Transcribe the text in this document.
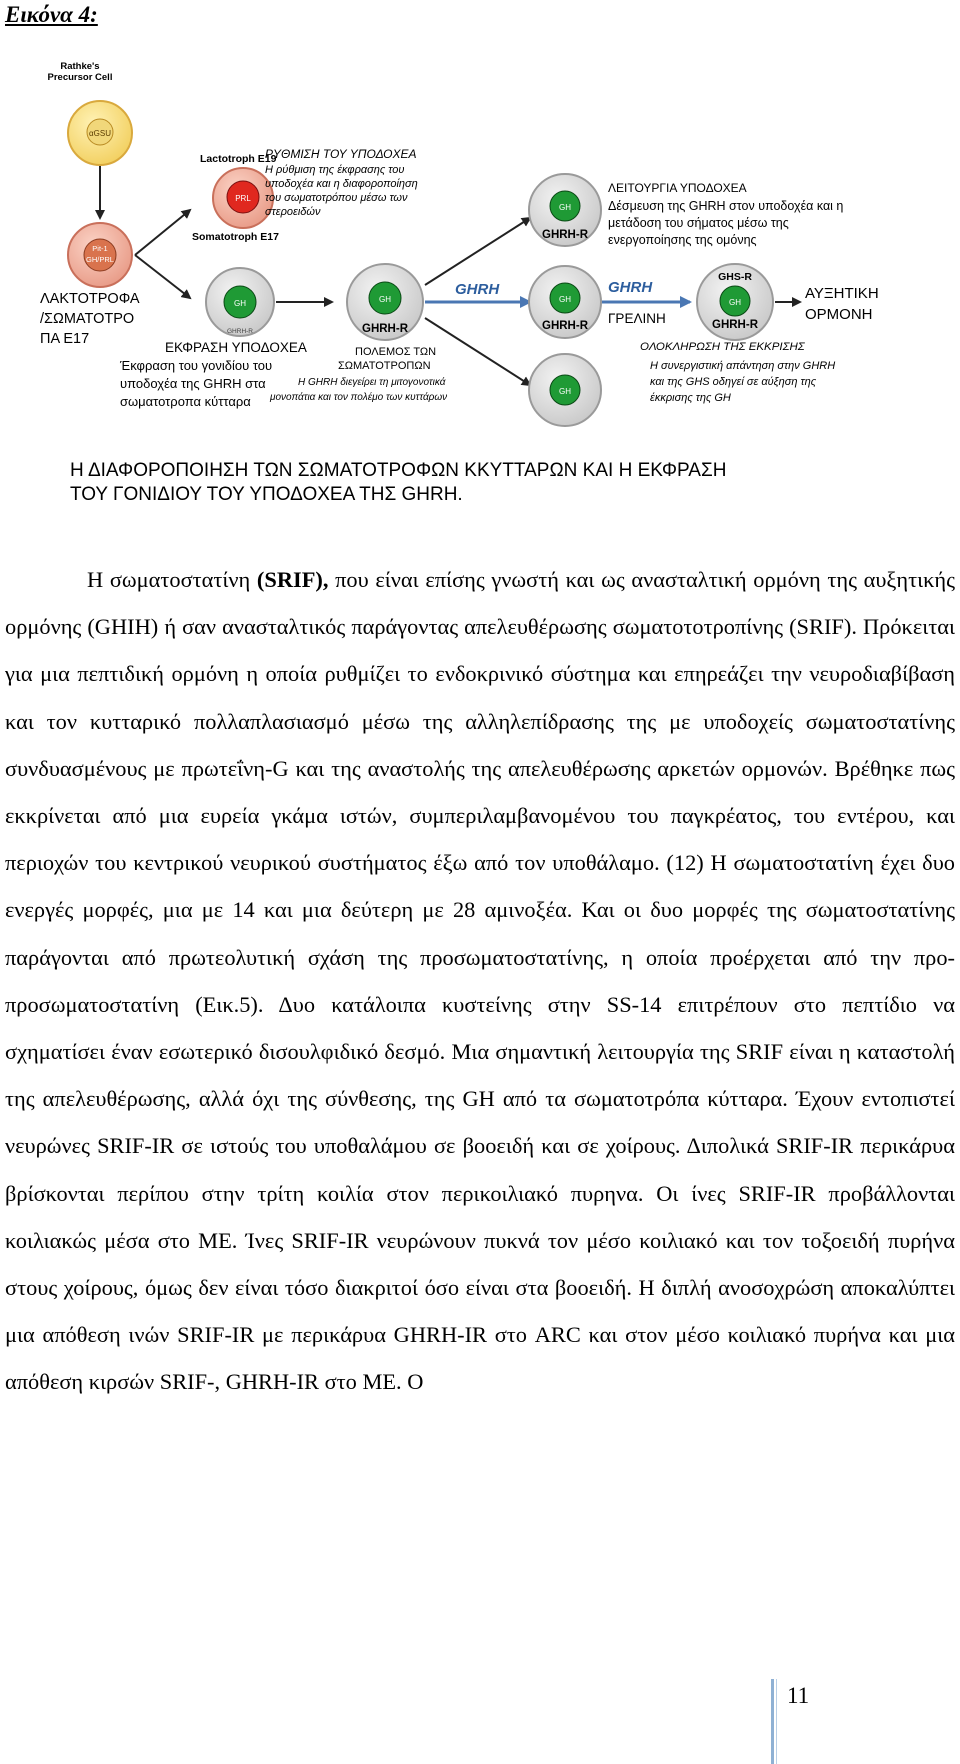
Εικόνα 4:
Rathke's
Precursor Cell
αGSU
Pit-1
GH/PRL
ΛΑΚΤΟΤΡΟΦΑ
/ΣΩΜΑΤΟΤΡΟ
ΠΑ E17
Lactotroph E19
PRL
Somatotroph E17
GH
GHRH-R
ΡΥΘΜΙΣΗ ΤΟΥ ΥΠΟΔΟΧΕΑ
Η ρύθμιση της έκφρασης του
υποδοχέα και η διαφοροποίηση
του σωματοτρόπου μέσω των
στεροειδών
GH
GHRH-R
GHRH
GH
GHRH-R
GH
GHRH-R
GH
ΛΕΙΤΟΥΡΓΙΑ ΥΠΟΔΟΧΕΑ
Δέσμευση της GHRH στον υποδοχέα και η
μετάδοση του σήματος μέσω της
ενεργοποίησης της ομόνης
GHRH
ΓΡΕΛΙΝΗ
GHS-R
GH
GHRH-R
ΑΥΞΗΤΙΚΗ
ΟΡΜΟΝΗ
ΟΛΟΚΛΗΡΩΣΗ ΤΗΣ ΕΚΚΡΙΣΗΣ
Η συνεργιστική απάντηση στην GHRH
και της GHS οδηγεί σε αύξηση της
έκκρισης της GH
ΕΚΦΡΑΣΗ ΥΠΟΔΟΧΕΑ
Έκφραση του γονιδίου του
υποδοχέα της GHRH στα
σωματοτροπα κύτταρα
ΠΟΛΕΜΟΣ ΤΩΝ
ΣΩΜΑΤΟΤΡΟΠΩΝ
Η GHRH διεγείρει τη μιτογονοτικά
μονοπάτια και τον πολέμο των κυττάρων
Η ΔΙΑΦΟΡΟΠΟΙΗΣΗ ΤΩΝ ΣΩΜΑΤΟΤΡΟΦΩΝ ΚΚΥΤΤΑΡΩΝ ΚΑΙ Η ΕΚΦΡΑΣΗ
ΤΟΥ ΓΟΝΙΔΙΟΥ ΤΟΥ ΥΠΟΔΟΧΕΑ ΤΗΣ GHRH.

Η σωματοστατίνη (SRIF), που είναι επίσης γνωστή και ως ανασταλτική ορμόνη της αυξητικής ορμόνης (GHIH) ή σαν ανασταλτικός παράγοντας απελευθέρωσης σωματοτοτροπίνης (SRIF). Πρόκειται για μια πεπτιδική ορμόνη η οποία ρυθμίζει το ενδοκρινικό σύστημα και επηρεάζει την νευροδιαβίβαση και τον κυτταρικό πολλαπλασιασμό μέσω της αλληλεπίδρασης της με υποδοχείς σωματοστατίνης συνδυασμένους με πρωτεΐνη-G και της αναστολής της απελευθέρωσης αρκετών ορμονών. Βρέθηκε πως εκκρίνεται από μια ευρεία γκάμα ιστών, συμπεριλαμβανομένου του παγκρέατος, του εντέρου, και περιοχών του κεντρικού νευρικού συστήματος έξω από τον υποθάλαμο. (12) Η σωματοστατίνη έχει δυο ενεργές μορφές, μια με 14 και μια δεύτερη με 28 αμινοξέα. Και οι δυο μορφές της σωματοστατίνης παράγονται από πρωτεολυτική σχάση της προσωματοστατίνης, η οποία προέρχεται από την προ-προσωματοστατίνη (Εικ.5). Δυο κατάλοιπα κυστείνης στην SS-14 επιτρέπουν στο πεπτίδιο να σχηματίσει έναν εσωτερικό δισουλφιδικό δεσμό. Μια σημαντική λειτουργία της SRIF είναι η καταστολή της απελευθέρωσης, αλλά όχι της σύνθεσης, της GH από τα σωματοτρόπα κύτταρα. Έχουν εντοπιστεί νευρώνες SRIF-IR σε ιστούς του υποθαλάμου σε βοοειδή και σε χοίρους. Διπολικά SRIF-IR περικάρυα βρίσκονται περίπου στην τρίτη κοιλία στον περικοιλιακό πυρηνα. Οι ίνες SRIF-IR προβάλλονται κοιλιακώς μέσα στο ΜΕ. Ίνες SRIF-IR νευρώνουν πυκνά τον μέσο κοιλιακό και τον τοξοειδή πυρήνα στους χοίρους, όμως δεν είναι τόσο διακριτοί όσο είναι στα βοοειδή. Η διπλή ανοσοχρώση αποκαλύπτει μια απόθεση ινών SRIF-IR με περικάρυα GHRH-IR στο ARC και στον μέσο κοιλιακό πυρήνα και μια απόθεση κιρσών SRIF-, GHRH-IR στο ΜΕ. Ο

11
